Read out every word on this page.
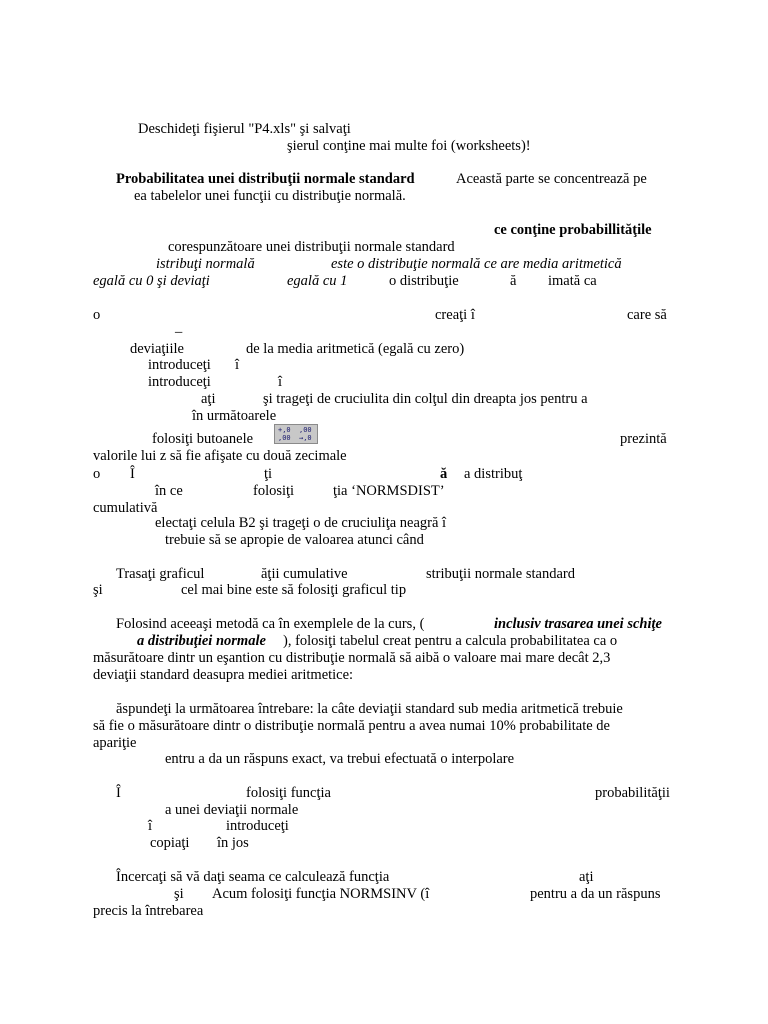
Deschideţi fişierul "P4.xls" şi salvaţi
şierul conţine mai multe foi (worksheets)!
Probabilitatea unei distribuţii normale standard	Această parte se concentrează pe
ea tabelelor unei funcţii cu distribuţie normală.
ce conţine probabillităţile
corespunzătoare unei distribuţii normale standard
istribuţi normală	este o distribuţie normală ce are media aritmetică
egală cu 0 şi deviaţi	egală cu 1	o distribuţie	ă imată ca
o	creaţi î	care să
–
deviaţiile	de la media aritmetică (egală cu zero)
introduceţi î
introduceţi	î
aţi	şi trageţi de cruciulita din colţul din dreapta jos pentru a
în următoarele
folosiţi butoanele
+,0
,00
,00
→,0	prezintă
valorile lui z să fie afişate cu două zecimale
o Î	ţi	ă a distribuţ
în ce	folosiţi	ţia ‘NORMSDIST’
cumulativă
electaţi celula B2 şi trageţi o de cruciuliţa neagră î
trebuie să se apropie de valoarea atunci când
Trasaţi graficul	ăţii cumulative	stribuţii normale standard
şi	cel mai bine este să folosiţi graficul tip
Folosind aceeaşi metodă ca în exemplele de la curs, (	inclusiv trasarea unei schiţe
a distribuţiei normale ), folosiţi tabelul creat pentru a calcula probabilitatea ca o
măsurătoare dintr un eşantion cu distribuţie normală să aibă o valoare mai mare decât 2,3
deviaţii standard deasupra mediei aritmetice:
ăspundeţi la următoarea întrebare: la câte deviaţii standard sub media aritmetică trebuie
să fie o măsurătoare dintr o distribuţie normală pentru a avea numai 10% probabilitate de
apariţie
entru a da un răspuns exact, va trebui efectuată o interpolare
Î	folosiţi funcţia	probabilităţii
a unei deviaţii normale
î	introduceţi
copiaţi în jos
Încercaţi să vă daţi seama ce calculează funcţia	aţi
şi Acum folosiţi funcţia NORMSINV (î	pentru a da un răspuns
precis la întrebarea
